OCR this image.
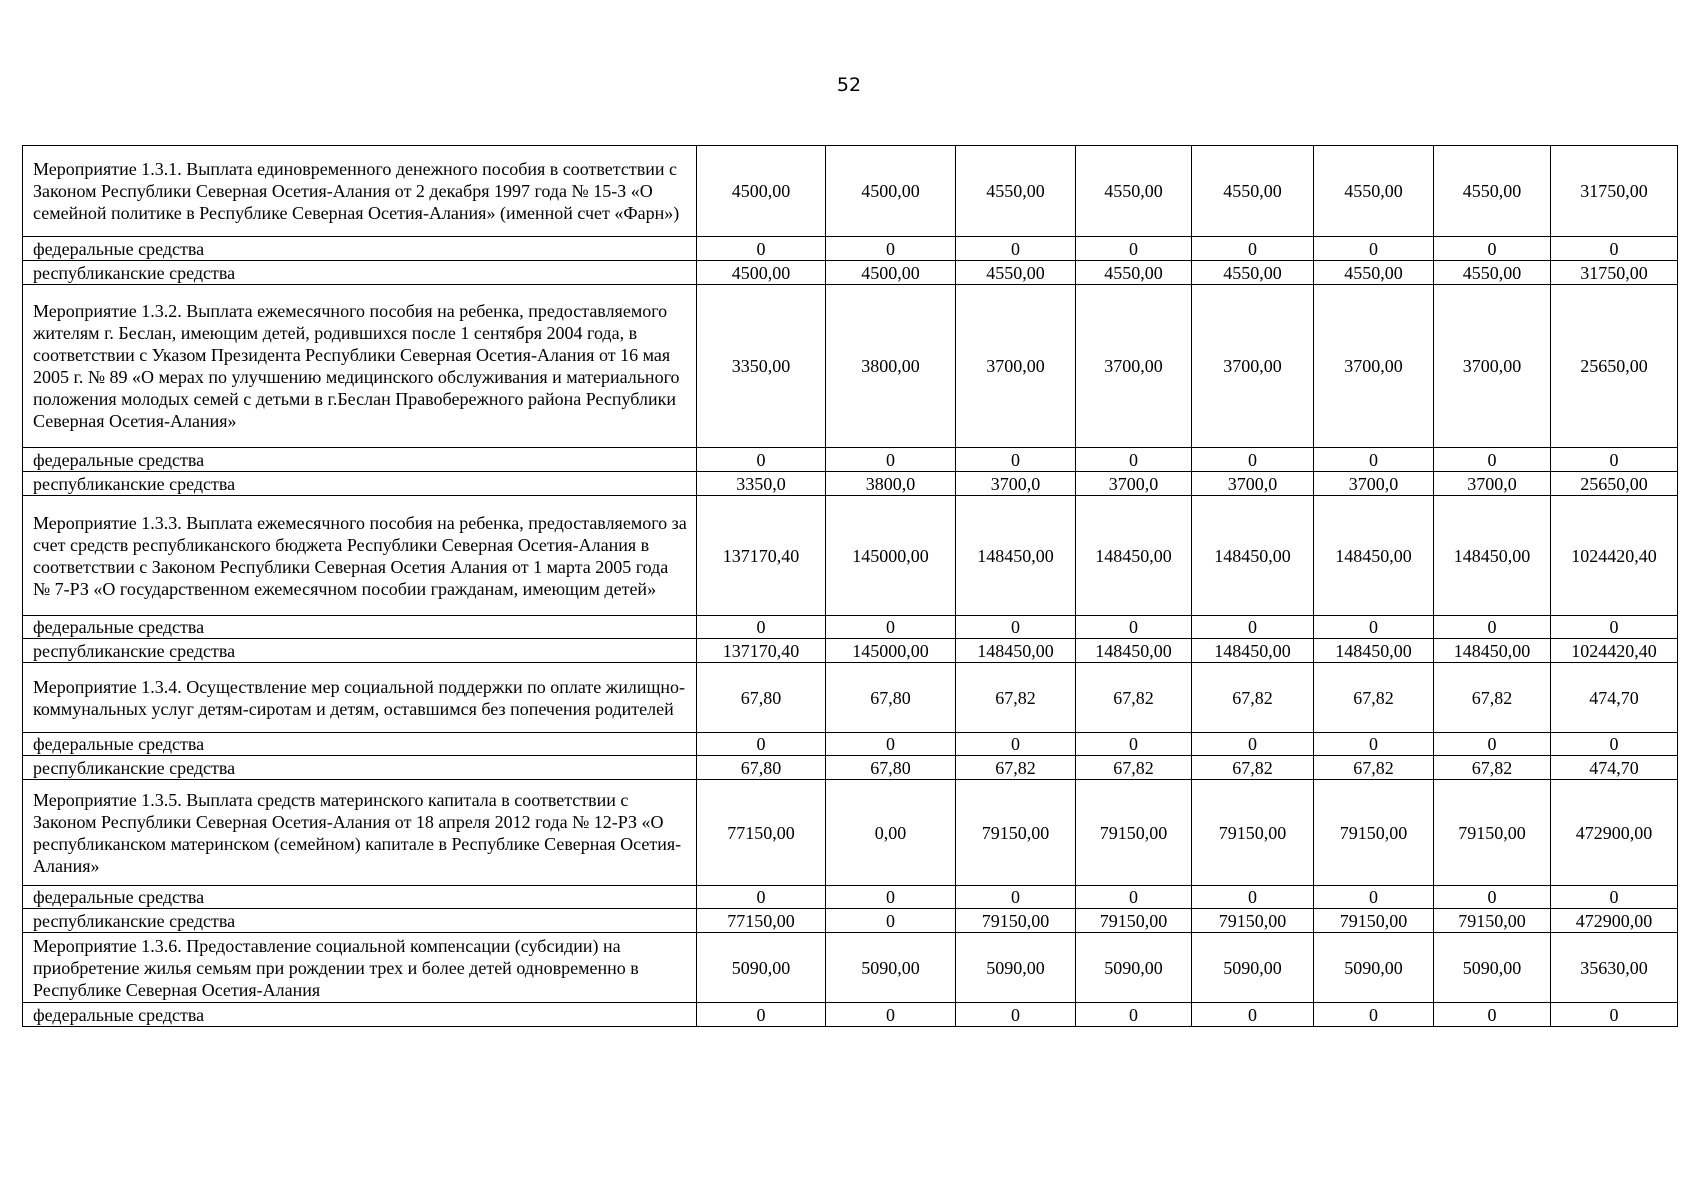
52
Мероприятие 1.3.1. Выплата единовременного денежного пособия в соответствии с Законом Республики Северная Осетия-Алания от 2 декабря 1997 года № 15-З «О семейной политике в Республике Северная Осетия-Алания» (именной счет «Фарн»)	4500,00	4500,00	4550,00	4550,00	4550,00	4550,00	4550,00	31750,00
федеральные средства	0	0	0	0	0	0	0	0
республиканские средства	4500,00	4500,00	4550,00	4550,00	4550,00	4550,00	4550,00	31750,00
Мероприятие 1.3.2. Выплата ежемесячного пособия на ребенка, предоставляемого жителям г. Беслан, имеющим детей, родившихся после 1 сентября 2004 года, в соответствии с Указом Президента Республики Северная Осетия-Алания от 16 мая 2005 г. № 89 «О мерах по улучшению медицинского обслуживания и материального положения молодых семей с детьми в г.Беслан Правобережного района Республики Северная Осетия-Алания»	3350,00	3800,00	3700,00	3700,00	3700,00	3700,00	3700,00	25650,00
федеральные средства	0	0	0	0	0	0	0	0
республиканские средства	3350,0	3800,0	3700,0	3700,0	3700,0	3700,0	3700,0	25650,00
Мероприятие 1.3.3. Выплата ежемесячного пособия на ребенка, предоставляемого за счет средств республиканского бюджета Республики Северная Осетия-Алания в соответствии с Законом Республики Северная Осетия Алания от 1 марта 2005 года № 7-РЗ «О государственном ежемесячном пособии гражданам, имеющим детей»	137170,40	145000,00	148450,00	148450,00	148450,00	148450,00	148450,00	1024420,40
федеральные средства	0	0	0	0	0	0	0	0
республиканские средства	137170,40	145000,00	148450,00	148450,00	148450,00	148450,00	148450,00	1024420,40
Мероприятие 1.3.4. Осуществление мер социальной поддержки по оплате жилищно-коммунальных услуг детям-сиротам и детям, оставшимся без попечения родителей	67,80	67,80	67,82	67,82	67,82	67,82	67,82	474,70
федеральные средства	0	0	0	0	0	0	0	0
республиканские средства	67,80	67,80	67,82	67,82	67,82	67,82	67,82	474,70
Мероприятие 1.3.5. Выплата средств материнского капитала в соответствии с Законом Республики Северная Осетия-Алания от 18 апреля 2012 года № 12-РЗ «О республиканском материнском (семейном) капитале в Республике Северная Осетия-Алания»	77150,00	0,00	79150,00	79150,00	79150,00	79150,00	79150,00	472900,00
федеральные средства	0	0	0	0	0	0	0	0
республиканские средства	77150,00	0	79150,00	79150,00	79150,00	79150,00	79150,00	472900,00
Мероприятие 1.3.6. Предоставление социальной компенсации (субсидии) на приобретение жилья семьям при рождении трех и более детей одновременно в Республике Северная Осетия-Алания	5090,00	5090,00	5090,00	5090,00	5090,00	5090,00	5090,00	35630,00
федеральные средства	0	0	0	0	0	0	0	0
